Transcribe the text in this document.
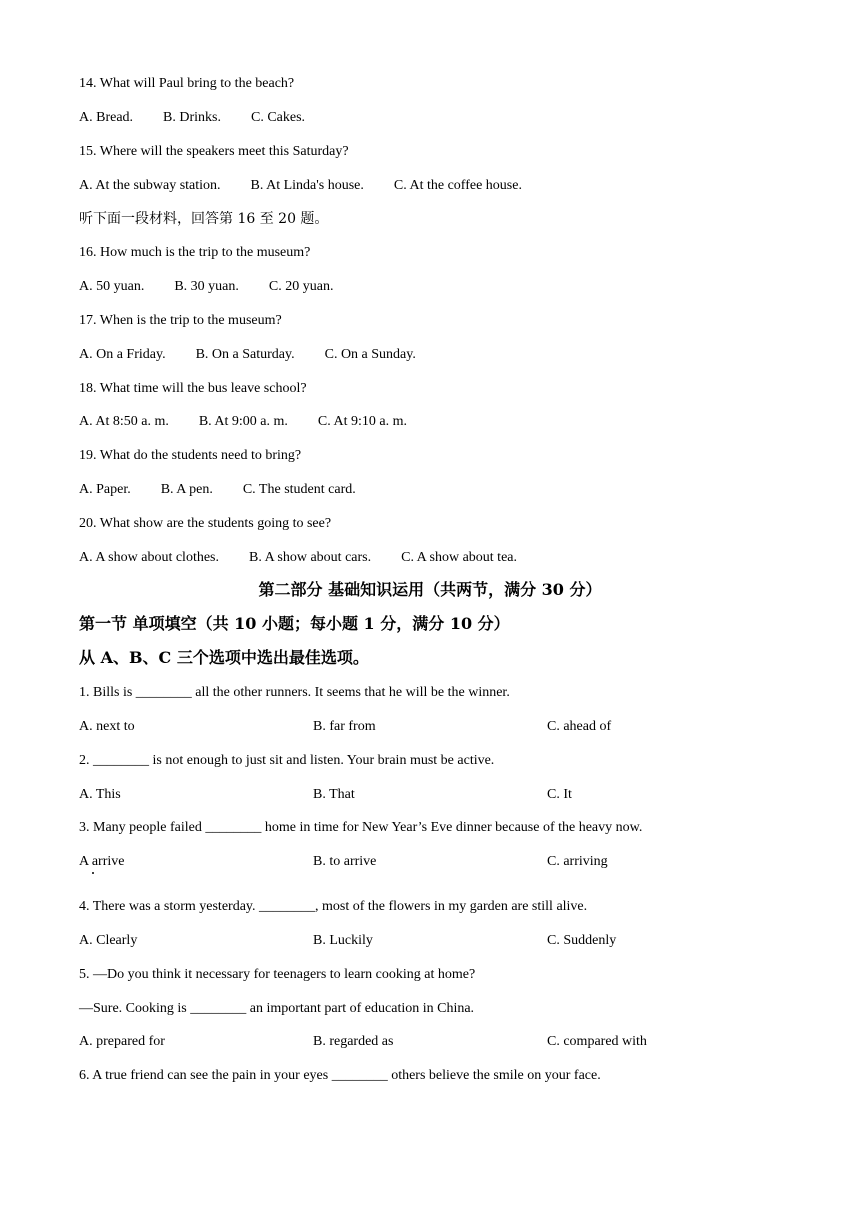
14. What will Paul bring to the beach?
A. Bread. B. Drinks. C. Cakes.
15. Where will the speakers meet this Saturday?
A. At the subway station. B. At Linda's house. C. At the coffee house.
听下面一段材料，回答第 16 至 20 题。
16. How much is the trip to the museum?
A. 50 yuan. B. 30 yuan. C. 20 yuan.
17. When is the trip to the museum?
A. On a Friday. B. On a Saturday. C. On a Sunday.
18. What time will the bus leave school?
A. At 8:50 a. m. B. At 9:00 a. m. C. At 9:10 a. m.
19. What do the students need to bring?
A. Paper. B. A pen. C. The student card.
20. What show are the students going to see?
A. A show about clothes. B. A show about cars. C. A show about tea.
第二部分 基础知识运用（共两节，满分 30 分）
第一节 单项填空（共 10 小题；每小题 1 分，满分 10 分）
从 A、B、C 三个选项中选出最佳选项。
1. Bills is ________ all the other runners. It seems that he will be the winner.
A. next to	B. far from	C. ahead of
2. ________ is not enough to just sit and listen. Your brain must be active.
A. This	B. That	C. It
3. Many people failed ________ home in time for New Year’s Eve dinner because of the heavy now.
A arrive	B. to arrive	C. arriving
4. There was a storm yesterday. ________, most of the flowers in my garden are still alive.
A. Clearly	B. Luckily	C. Suddenly
5. —Do you think it necessary for teenagers to learn cooking at home?
—Sure. Cooking is ________ an important part of education in China.
A. prepared for	B. regarded as	C. compared with
6. A true friend can see the pain in your eyes ________ others believe the smile on your face.
